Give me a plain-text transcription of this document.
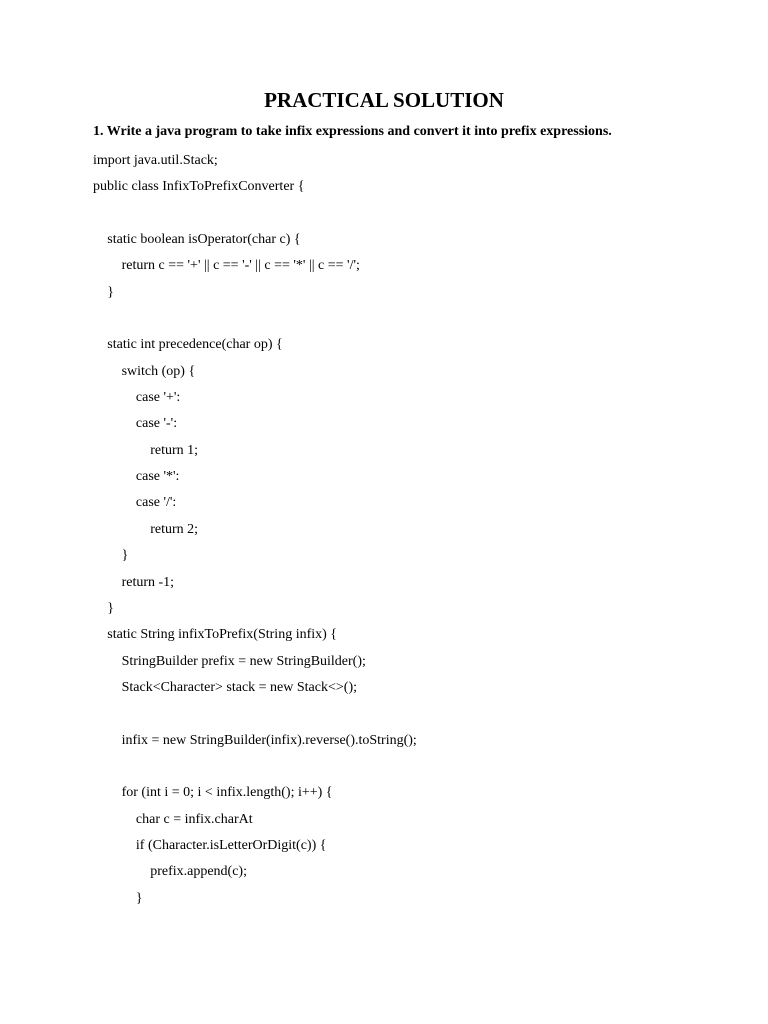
PRACTICAL SOLUTION
1. Write a java program to take infix expressions and convert it into prefix expressions.
import java.util.Stack;
public class InfixToPrefixConverter {
static boolean isOperator(char c) {
return c == '+' || c == '-' || c == '*' || c == '/';
}
static int precedence(char op) {
switch (op) {
case '+':
case '-':
return 1;
case '*':
case '/':
return 2;
}
return -1;
}
static String infixToPrefix(String infix) {
StringBuilder prefix = new StringBuilder();
Stack<Character> stack = new Stack<>();
infix = new StringBuilder(infix).reverse().toString();
for (int i = 0; i < infix.length(); i++) {
char c = infix.charAt
if (Character.isLetterOrDigit(c)) {
prefix.append(c);
}
